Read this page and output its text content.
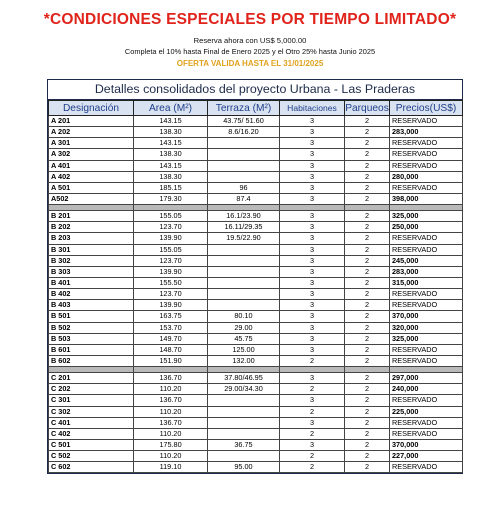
*CONDICIONES ESPECIALES POR TIEMPO LIMITADO*
Reserva ahora con US$ 5,000.00
Completa el 10% hasta Final de Enero 2025 y el Otro 25% hasta Junio 2025
OFERTA VALIDA HASTA EL 31/01/2025
Detalles consolidados del proyecto Urbana - Las Praderas
Designación	Area (M²)	Terraza (M²)	Habitaciones	Parqueos	Precios(US$)
A 201	143.15	43.75/ 51.60	3	2	RESERVADO
A 202	138.30	8.6/16.20	3	2	283,000
A 301	143.15		3	2	RESERVADO
A 302	138.30		3	2	RESERVADO
A 401	143.15		3	2	RESERVADO
A 402	138.30		3	2	280,000
A 501	185.15	96	3	2	RESERVADO
A502	179.30	87.4	3	2	398,000

B 201	155.05	16.1/23.90	3	2	325,000
B 202	123.70	16.11/29.35	3	2	250,000
B 203	139.90	19.5/22.90	3	2	RESERVADO
B 301	155.05		3	2	RESERVADO
B 302	123.70		3	2	245,000
B 303	139.90		3	2	283,000
B 401	155.50		3	2	315,000
B 402	123.70		3	2	RESERVADO
B 403	139.90		3	2	RESERVADO
B 501	163.75	80.10	3	2	370,000
B 502	153.70	29.00	3	2	320,000
B 503	149.70	45.75	3	2	325,000
B 601	148.70	125.00	3	2	RESERVADO
B 602	151.90	132.00	2	2	RESERVADO

C 201	136.70	37.80/46.95	3	2	297,000
C 202	110.20	29.00/34.30	2	2	240,000
C 301	136.70		3	2	RESERVADO
C 302	110.20		2	2	225,000
C 401	136.70		3	2	RESERVADO
C 402	110.20		2	2	RESERVADO
C 501	175.80	36.75	3	2	370,000
C 502	110.20		2	2	227,000
C 602	119.10	95.00	2	2	RESERVADO
